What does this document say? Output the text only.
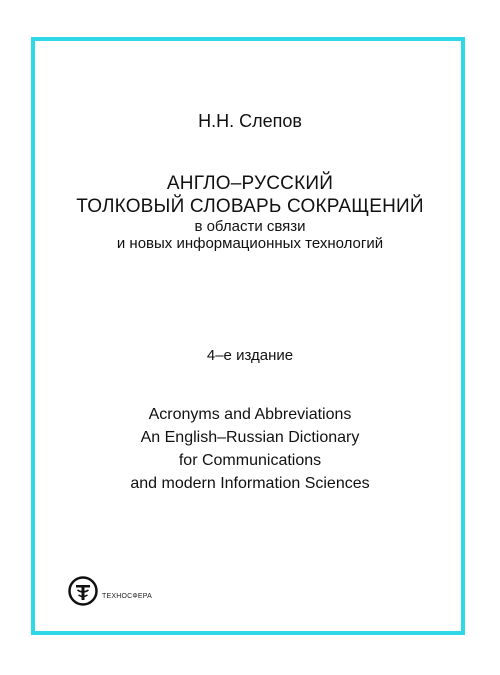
Н.Н. Слепов
АНГЛО–РУССКИЙ
ТОЛКОВЫЙ СЛОВАРЬ СОКРАЩЕНИЙ
в области связи
и новых информационных технологий
4–е издание
Acronyms and Abbreviations
An English–Russian Dictionary
for Communications
and modern Information Sciences
ТЕХНОСФЕРА
